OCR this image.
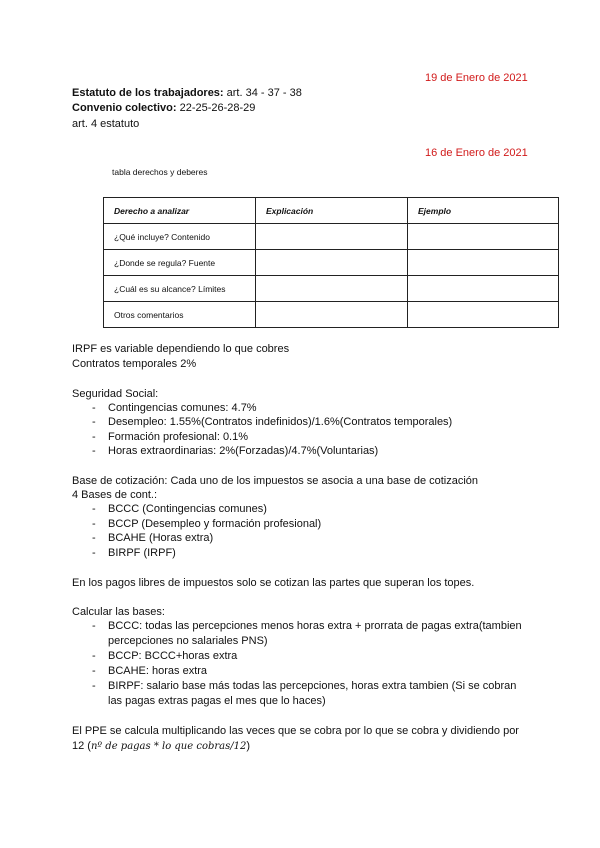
19 de Enero de 2021
Estatuto de los trabajadores: art. 34 - 37 - 38
Convenio colectivo: 22-25-26-28-29
art. 4 estatuto
16 de Enero de 2021
tabla derechos y deberes
Derecho a analizar	Explicación	Ejemplo
¿Qué incluye? Contenido		
¿Donde se regula? Fuente		
¿Cuál es su alcance? Límites		
Otros comentarios		
IRPF es variable dependiendo lo que cobres
Contratos temporales 2%
Seguridad Social:
- Contingencias comunes: 4.7%
- Desempleo: 1.55%(Contratos indefinidos)/1.6%(Contratos temporales)
- Formación profesional: 0.1%
- Horas extraordinarias: 2%(Forzadas)/4.7%(Voluntarias)
Base de cotización: Cada uno de los impuestos se asocia a una base de cotización
4 Bases de cont.:
- BCCC (Contingencias comunes)
- BCCP (Desempleo y formación profesional)
- BCAHE (Horas extra)
- BIRPF (IRPF)
En los pagos libres de impuestos solo se cotizan las partes que superan los topes.
Calcular las bases:
- BCCC: todas las percepciones menos horas extra + prorrata de pagas extra(tambien
percepciones no salariales PNS)
- BCCP: BCCC+horas extra
- BCAHE: horas extra
- BIRPF: salario base más todas las percepciones, horas extra tambien (Si se cobran
las pagas extras pagas el mes que lo haces)
El PPE se calcula multiplicando las veces que se cobra por lo que se cobra y dividiendo por
12 (nº de pagas * lo que cobras/12)
